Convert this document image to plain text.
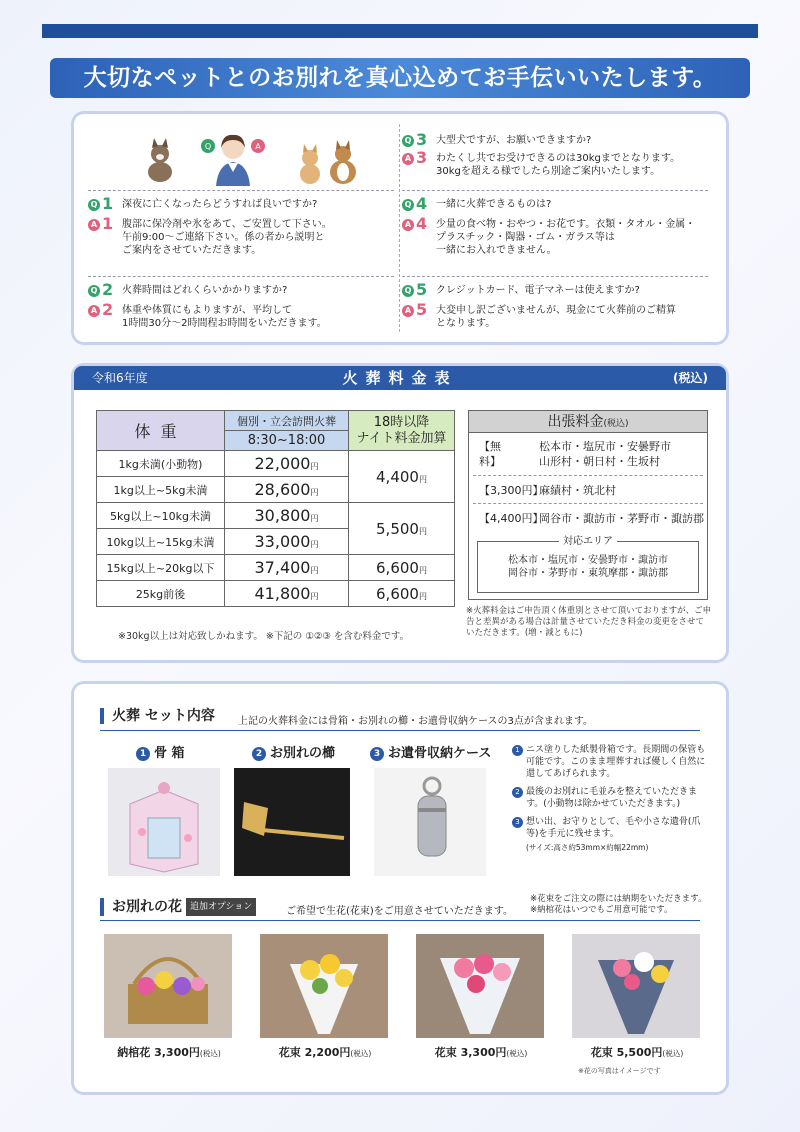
大切なペットとのお別れを真心込めてお手伝いいたします。
Q	A
Q 1 深夜に亡くなったらどうすれば良いですか?
A 1 腹部に保冷剤や氷をあて、ご安置して下さい。
午前9:00～ご連絡下さい。係の者から説明と
ご案内をさせていただきます。
Q 2 火葬時間はどれくらいかかりますか?
A 2 体重や体質にもよりますが、平均して
1時間30分～2時間程お時間をいただきます。
Q 3 大型犬ですが、お願いできますか?
A 3 わたくし共でお受けできるのは30kgまでとなります。
30kgを超える様でしたら別途ご案内いたします。
Q 4 一緒に火葬できるものは?
A 4 少量の食べ物・おやつ・お花です。衣類・タオル・金属・
プラスチック・陶器・ゴム・ガラス等は
一緒にお入れできません。
Q 5 クレジットカード、電子マネーは使えますか?
A 5 大変申し訳ございませんが、現金にて火葬前のご精算
となります。
令和6年度	火葬料金表	(税込)
体重	個別・立会訪問火葬	18時以降
ナイト料金加算
	8:30~18:00	
1kg未満(小動物)	22,000円	4,400円
1kg以上~5kg未満	28,600円	
5kg以上~10kg未満	30,800円	5,500円
10kg以上~15kg未満	33,000円	
15kg以上~20kg以下	37,400円	6,600円
25kg前後	41,800円	6,600円
※30kg以上は対応致しかねます。 ※下記の ①②③ を含む料金です。
出張料金(税込)
【無　　料】
松本市・塩尻市・安曇野市
山形村・朝日村・生坂村
【3,300円】
麻績村・筑北村
【4,400円】
岡谷市・諏訪市・茅野市・諏訪郡
対応エリア
松本市・塩尻市・安曇野市・諏訪市
岡谷市・茅野市・東筑摩郡・諏訪郡
※火葬料金はご申告頂く体重別とさせて頂いておりますが、ご申告と差異がある場合は計量させていただき料金の変更をさせていただきます。(増・減ともに)
火葬 セット内容 上記の火葬料金には骨箱・お別れの櫛・お遺骨収納ケースの3点が含まれます。
1 骨 箱	2 お別れの櫛	3 お遺骨収納ケース	1 ニス塗りした紙製骨箱です。長期間の保管も可能です。このまま埋葬すれば優しく自然に還してあげられます。
2 最後のお別れに毛並みを整えていただきます。(小動物は除かせていただきます。)
3 想い出、お守りとして、毛や小さな遺骨(爪等)を手元に残せます。
(サイズ:高さ約53mm×約幅22mm)
お別れの花 追加オプション	ご希望で生花(花束)をご用意させていただきます。
※花束をご注文の際には納期をいただきます。
※納棺花はいつでもご用意可能です。
納棺花 3,300円(税込)	花束 2,200円(税込)	花束 3,300円(税込)	花束 5,500円(税込)
※花の写真はイメージです
